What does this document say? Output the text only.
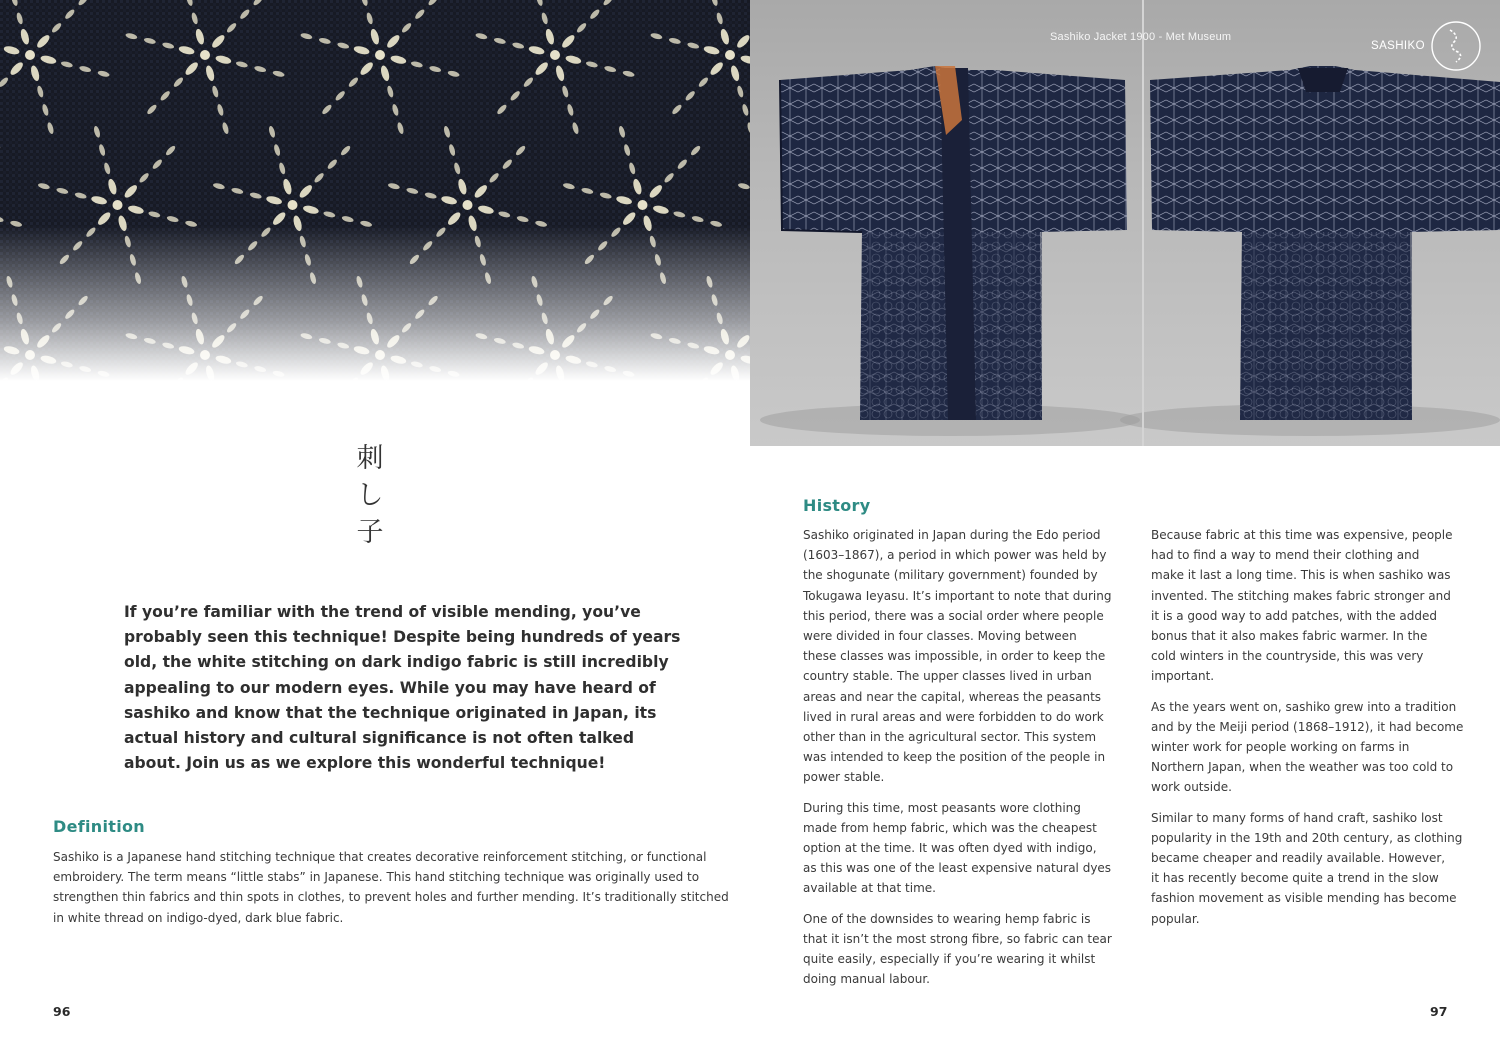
Sashiko Jacket 1900 - Met Museum
SASHIKO
刺
し
子
If you’re familiar with the trend of visible mending, you’ve
probably seen this technique! Despite being hundreds of years
old, the white stitching on dark indigo fabric is still incredibly
appealing to our modern eyes. While you may have heard of
sashiko and know that the technique originated in Japan, its
actual history and cultural significance is not often talked
about. Join us as we explore this wonderful technique!
Definition
Sashiko is a Japanese hand stitching technique that creates decorative reinforcement stitching, or functional
embroidery. The term means “little stabs” in Japanese. This hand stitching technique was originally used to
strengthen thin fabrics and thin spots in clothes, to prevent holes and further mending. It’s traditionally stitched
in white thread on indigo-dyed, dark blue fabric.
96
History
Sashiko originated in Japan during the Edo period
(1603–1867), a period in which power was held by
the shogunate (military government) founded by
Tokugawa Ieyasu. It’s important to note that during
this period, there was a social order where people
were divided in four classes. Moving between
these classes was impossible, in order to keep the
country stable. The upper classes lived in urban
areas and near the capital, whereas the peasants
lived in rural areas and were forbidden to do work
other than in the agricultural sector. This system
was intended to keep the position of the people in
power stable.
During this time, most peasants wore clothing
made from hemp fabric, which was the cheapest
option at the time. It was often dyed with indigo,
as this was one of the least expensive natural dyes
available at that time.
One of the downsides to wearing hemp fabric is
that it isn’t the most strong fibre, so fabric can tear
quite easily, especially if you’re wearing it whilst
doing manual labour.
Because fabric at this time was expensive, people
had to find a way to mend their clothing and
make it last a long time. This is when sashiko was
invented. The stitching makes fabric stronger and
it is a good way to add patches, with the added
bonus that it also makes fabric warmer. In the
cold winters in the countryside, this was very
important.
As the years went on, sashiko grew into a tradition
and by the Meiji period (1868–1912), it had become
winter work for people working on farms in
Northern Japan, when the weather was too cold to
work outside.
Similar to many forms of hand craft, sashiko lost
popularity in the 19th and 20th century, as clothing
became cheaper and readily available. However,
it has recently become quite a trend in the slow
fashion movement as visible mending has become
popular.
97
